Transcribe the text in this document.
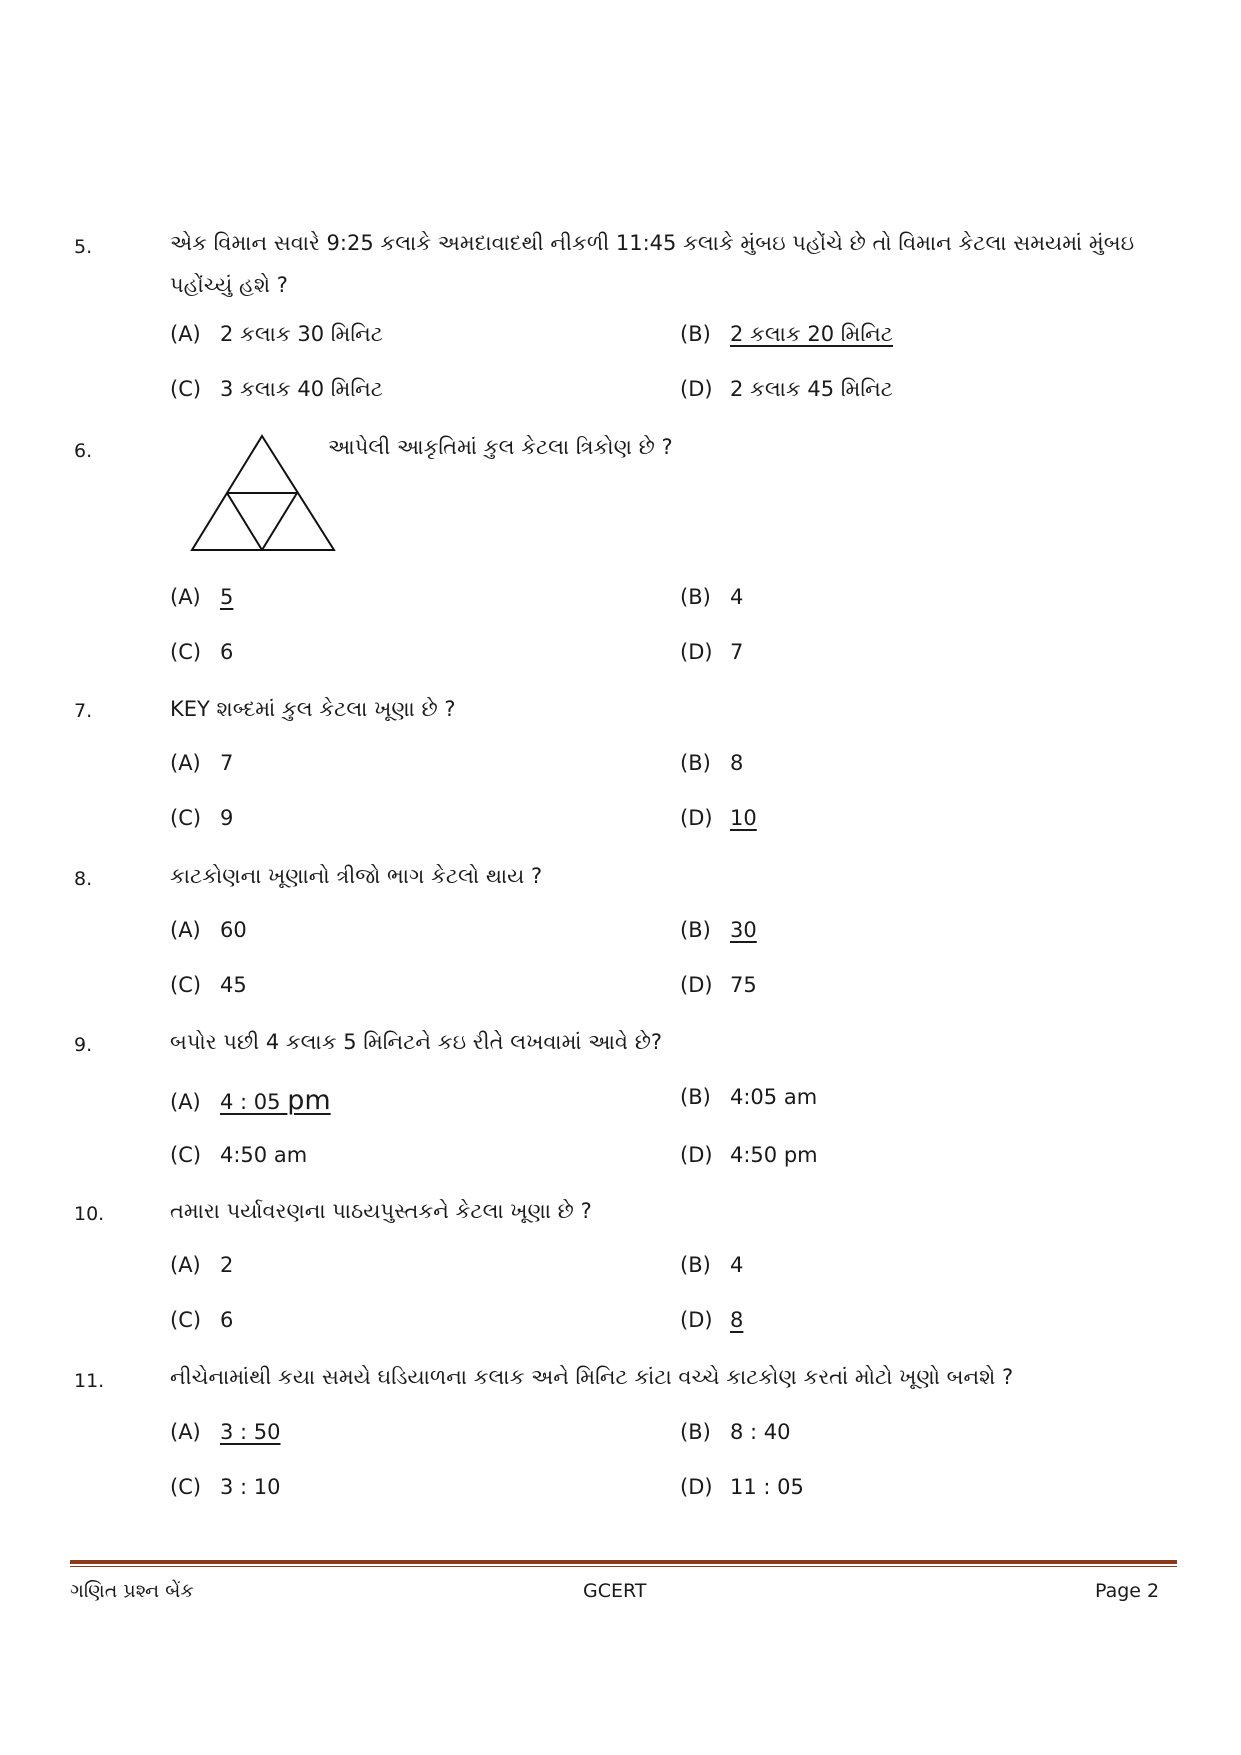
5.	એક વિમાન સવારે 9:25 કલાકે અમદાવાદથી નીકળી 11:45 કલાકે મુંબઇ પહોંચે છે તો વિમાન કેટલા સમયમાં મુંબઇ પહોંચ્યું હશે ?
(A) 2 કલાક 30 મિનિટ	(B) 2 કલાક 20 મિનિટ
(C) 3 કલાક 40 મિનિટ	(D) 2 કલાક 45 મિનિટ
6.	આપેલી આકૃતિમાં કુલ કેટલા ત્રિકોણ છે ?
(A) 5	(B) 4
(C) 6	(D) 7
7.	KEY શબ્દમાં કુલ કેટલા ખૂણા છે ?
(A) 7	(B) 8
(C) 9	(D) 10
8.	કાટકોણના ખૂણાનો ત્રીજો ભાગ કેટલો થાય ?
(A) 60	(B) 30
(C) 45	(D) 75
9.	બપોર પછી 4 કલાક 5 મિનિટને કઇ રીતે લખવામાં આવે છે?
(A) 4 : 05 pm	(B) 4:05 am
(C) 4:50 am	(D) 4:50 pm
10.	તમારા પર્યાવરણના પાઠયપુસ્તકને કેટલા ખૂણા છે ?
(A) 2	(B) 4
(C) 6	(D) 8
11.	નીચેનામાંથી કયા સમયે ઘડિયાળના કલાક અને મિનિટ કાંટા વચ્ચે કાટકોણ કરતાં મોટો ખૂણો બનશે ?
(A) 3 : 50	(B) 8 : 40
(C) 3 : 10	(D) 11 : 05
ગણિત પ્રશ્ન બેંક	GCERT	Page 2
